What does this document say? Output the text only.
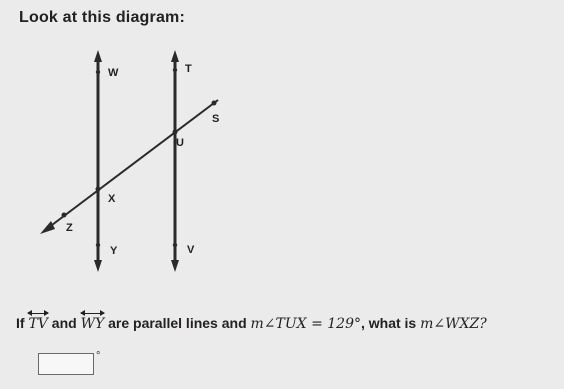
Look at this diagram:
W	T
S
U
X
Z
Y	V
If TV and WY are parallel lines and m∠TUX = 129°, what is m∠WXZ?
°
